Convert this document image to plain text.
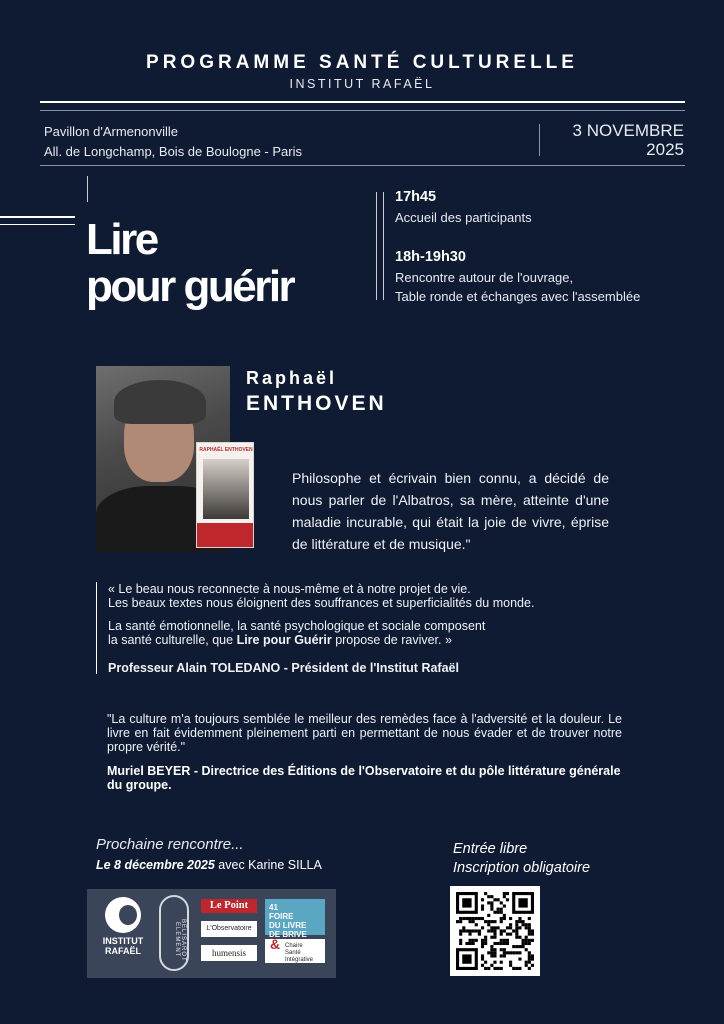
PROGRAMME SANTÉ CULTURELLE
INSTITUT RAFAËL
Pavillon d'Armenonville
All. de Longchamp, Bois de Boulogne - Paris
3 NOVEMBRE
2025
Lire
pour guérir
17h45
Accueil des participants
18h-19h30
Rencontre autour de l'ouvrage,
Table ronde et échanges avec l'assemblée
RAPHAËL ENTHOVEN
Raphaël
ENTHOVEN
Philosophe et écrivain bien connu, a décidé de nous parler de l'Albatros, sa mère, atteinte d'une maladie incurable, qui était la joie de vivre, éprise de littérature et de musique."

« Le beau nous reconnecte à nous-même et à notre projet de vie.

Les beaux textes nous éloignent des souffrances et superficialités du monde.

La santé émotionnelle, la santé psychologique et sociale composent

la santé culturelle, que Lire pour Guérir propose de raviver. »

Professeur Alain TOLEDANO - Président de l'Institut Rafaël

"La culture m'a toujours semblée le meilleur des remèdes face à l'adversité et la douleur. Le livre en fait évidemment pleinement parti en permettant de nous évader et de trouver notre propre vérité."
Muriel BEYER - Directrice des Éditions de l'Observatoire et du pôle littérature générale du groupe.
Prochaine rencontre...
Le 8 décembre 2025 avec Karine SILLA
INSTITUT
RAFAËL	BELISAROT ELEMENT
Le Point
L'Observatoire
humensis
41
FOIRE
DU LIVRE
DE BRIVE
& Chaire
Santé
Intégrative
Entrée libre
Inscription obligatoire
